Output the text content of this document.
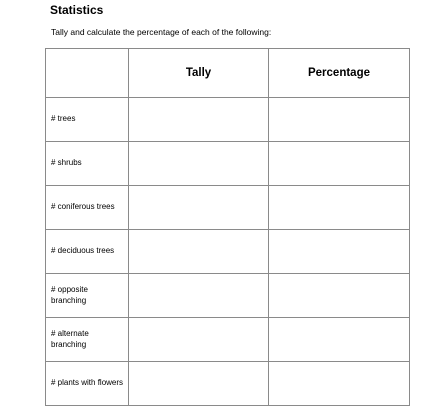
Statistics
Tally and calculate the percentage of each of the following:
	Tally	Percentage
# trees		
# shrubs		
# coniferous trees		
# deciduous trees		
# opposite branching		
# alternate branching		
# plants with flowers		
